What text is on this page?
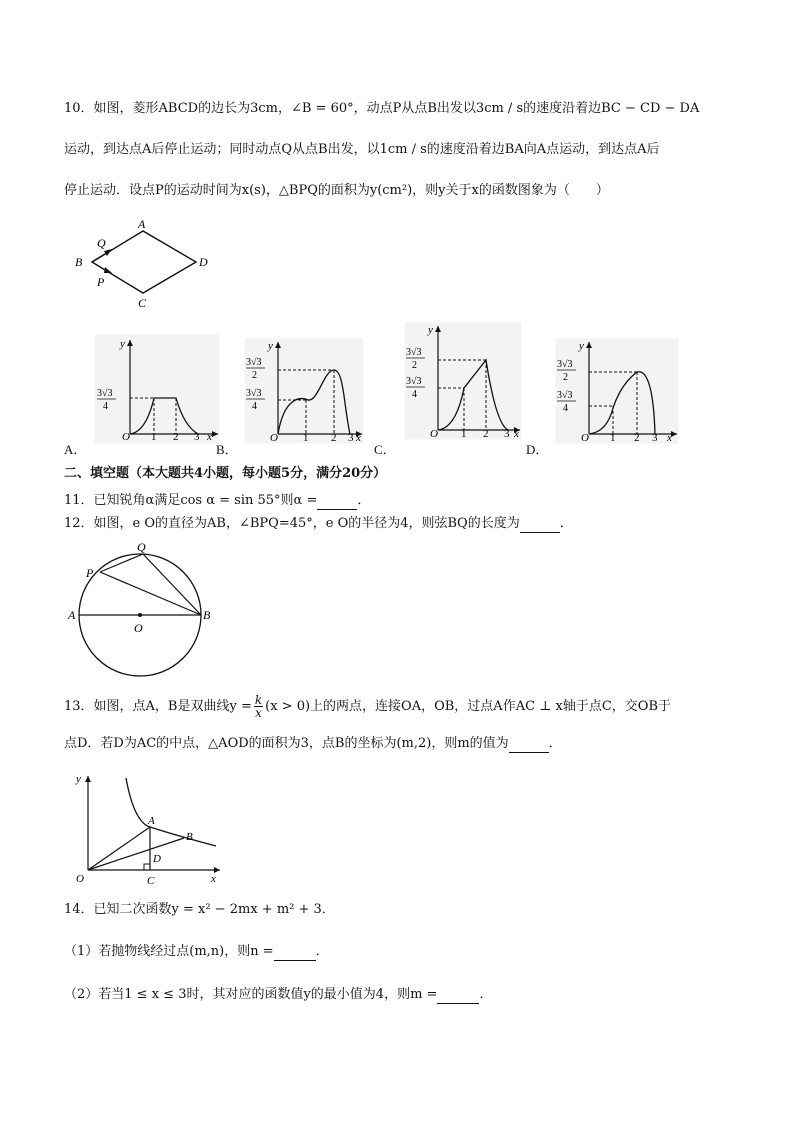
10．如图，菱形ABCD的边长为3cm，∠B = 60°，动点P从点B出发以3cm / s的速度沿着边BC − CD − DA
运动，到达点A后停止运动；同时动点Q从点B出发，以1cm / s的速度沿着边BA向A点运动，到达点A后
停止运动．设点P的运动时间为x(s)，△BPQ的面积为y(cm²)，则y关于x的函数图象为（　　）
A
B
C
D
Q
P
y
3√3
4
O 1 2 3 x
A．
y
3√3
2
3√3
4
O 1 2 3 x
B．
y
3√3
2
3√3
4
O 1 2 3 x
C．
y
3√3
2
3√3
4
O 1 2 3 x
D．
二、填空题（本大题共4小题，每小题5分，满分20分）
11．已知锐角α满足cos α = sin 55°则α =	．
12．如图，e O的直径为AB，∠BPQ=45°，e O的半径为4，则弦BQ的长度为	．
Q
P
A	B
O
13．如图，点A，B是双曲线$y = \frac{k}{x} (x > 0)$上的两点，连接OA，OB，过点A作AC ⊥ x轴于点C，交OB于
点D．若D为AC的中点，△AOD的面积为3，点B的坐标为(m,2)，则m的值为	．
y
O
A
B
D
C	x
14．已知二次函数y = x² − 2mx + m² + 3．
（1）若抛物线经过点(m,n)，则n =	．
（2）若当1 ≤ x ≤ 3时，其对应的函数值y的最小值为4，则m =	．
